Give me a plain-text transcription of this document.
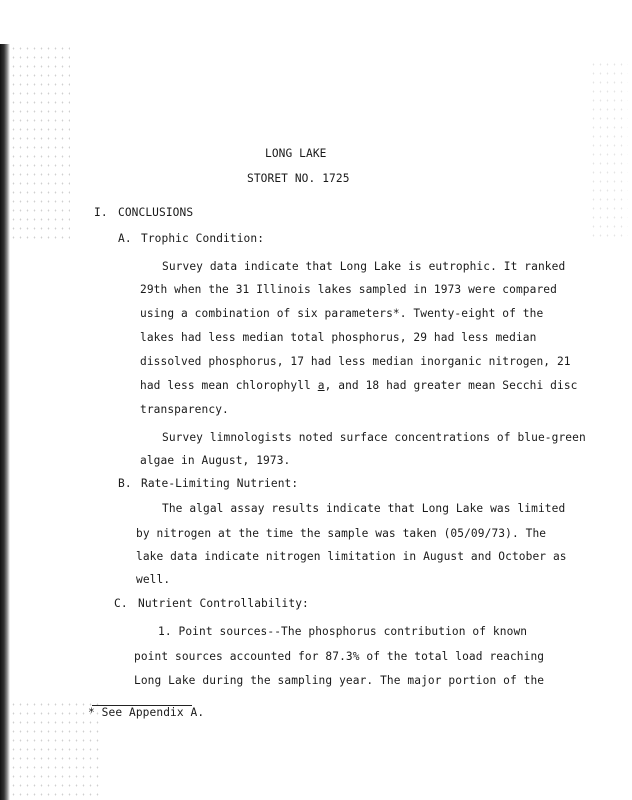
LONG LAKE

STORET NO. 1725

I. CONCLUSIONS

A. Trophic Condition:

Survey data indicate that Long Lake is eutrophic. It ranked

29th when the 31 Illinois lakes sampled in 1973 were compared

using a combination of six parameters*. Twenty-eight of the

lakes had less median total phosphorus, 29 had less median

dissolved phosphorus, 17 had less median inorganic nitrogen, 21

had less mean chlorophyll a, and 18 had greater mean Secchi disc

transparency.

Survey limnologists noted surface concentrations of blue-green

algae in August, 1973.

B. Rate-Limiting Nutrient:

The algal assay results indicate that Long Lake was limited

by nitrogen at the time the sample was taken (05/09/73). The

lake data indicate nitrogen limitation in August and October as

well.

C. Nutrient Controllability:

1. Point sources--The phosphorus contribution of known

point sources accounted for 87.3% of the total load reaching

Long Lake during the sampling year. The major portion of the

* See Appendix A.
